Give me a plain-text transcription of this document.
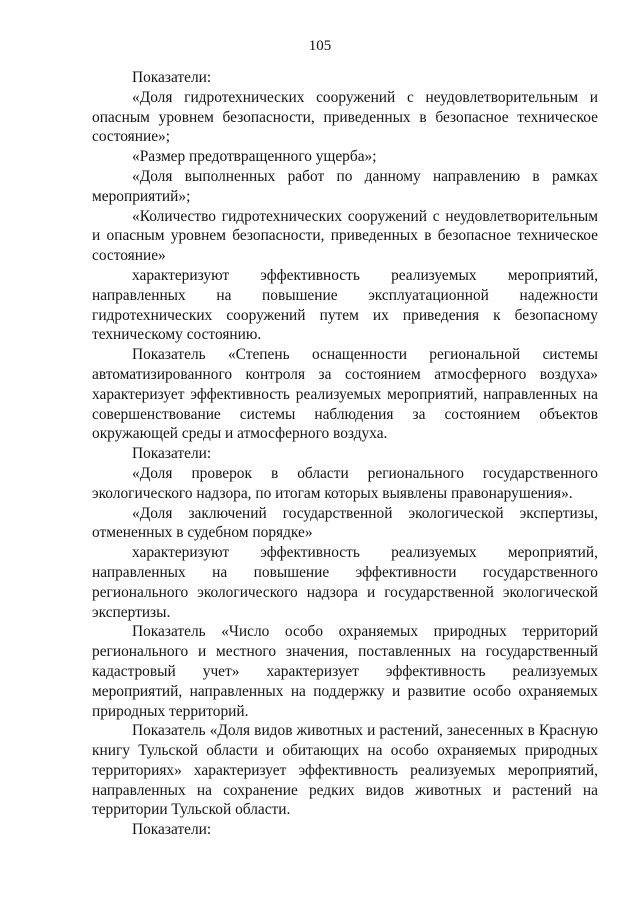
105

Показатели:

«Доля гидротехнических сооружений с неудовлетворительным и опасным уровнем безопасности, приведенных в безопасное техническое состояние»;

«Размер предотвращенного ущерба»;

«Доля выполненных работ по данному направлению в рамках мероприятий»;

«Количество гидротехнических сооружений с неудовлетворительным и опасным уровнем безопасности, приведенных в безопасное техническое состояние»

характеризуют эффективность реализуемых мероприятий, направленных на повышение эксплуатационной надежности гидротехнических сооружений путем их приведения к безопасному техническому состоянию.

Показатель «Степень оснащенности региональной системы автоматизированного контроля за состоянием атмосферного воздуха» характеризует эффективность реализуемых мероприятий, направленных на совершенствование системы наблюдения за состоянием объектов окружающей среды и атмосферного воздуха.

Показатели:

«Доля проверок в области регионального государственного экологического надзора, по итогам которых выявлены правонарушения».

«Доля заключений государственной экологической экспертизы, отмененных в судебном порядке»

характеризуют эффективность реализуемых мероприятий, направленных на повышение эффективности государственного регионального экологического надзора и государственной экологической экспертизы.

Показатель «Число особо охраняемых природных территорий регионального и местного значения, поставленных на государственный кадастровый учет» характеризует эффективность реализуемых мероприятий, направленных на поддержку и развитие особо охраняемых природных территорий.

Показатель «Доля видов животных и растений, занесенных в Красную книгу Тульской области и обитающих на особо охраняемых природных территориях» характеризует эффективность реализуемых мероприятий, направленных на сохранение редких видов животных и растений на территории Тульской области.

Показатели:
